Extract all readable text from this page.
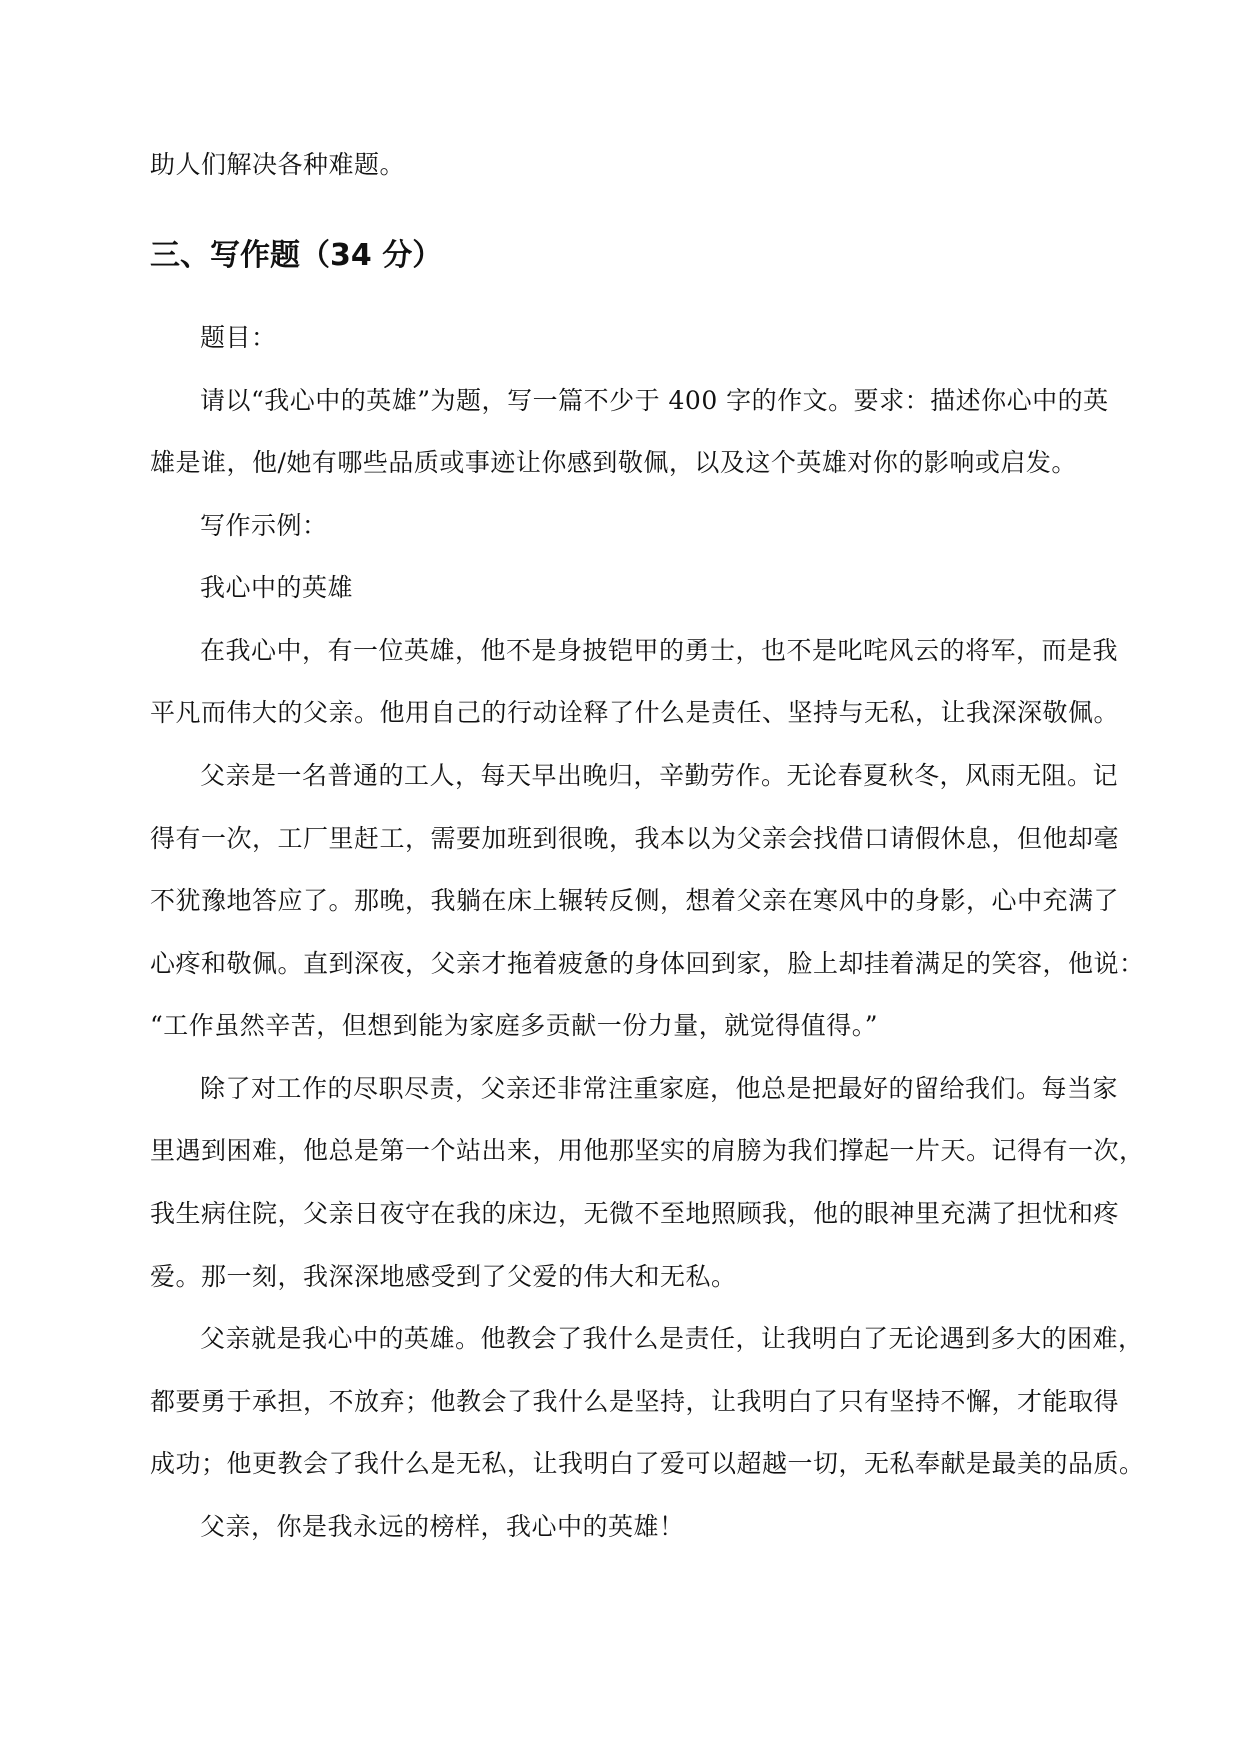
助人们解决各种难题。
三、写作题（34 分）
题目：
请以“我心中的英雄”为题，写一篇不少于 400 字的作文。要求：描述你心中的英
雄是谁，他/她有哪些品质或事迹让你感到敬佩，以及这个英雄对你的影响或启发。
写作示例：
我心中的英雄
在我心中，有一位英雄，他不是身披铠甲的勇士，也不是叱咤风云的将军，而是我
平凡而伟大的父亲。他用自己的行动诠释了什么是责任、坚持与无私，让我深深敬佩。
父亲是一名普通的工人，每天早出晚归，辛勤劳作。无论春夏秋冬，风雨无阻。记
得有一次，工厂里赶工，需要加班到很晚，我本以为父亲会找借口请假休息，但他却毫
不犹豫地答应了。那晚，我躺在床上辗转反侧，想着父亲在寒风中的身影，心中充满了
心疼和敬佩。直到深夜，父亲才拖着疲惫的身体回到家，脸上却挂着满足的笑容，他说：
“工作虽然辛苦，但想到能为家庭多贡献一份力量，就觉得值得。”
除了对工作的尽职尽责，父亲还非常注重家庭，他总是把最好的留给我们。每当家
里遇到困难，他总是第一个站出来，用他那坚实的肩膀为我们撑起一片天。记得有一次，
我生病住院，父亲日夜守在我的床边，无微不至地照顾我，他的眼神里充满了担忧和疼
爱。那一刻，我深深地感受到了父爱的伟大和无私。
父亲就是我心中的英雄。他教会了我什么是责任，让我明白了无论遇到多大的困难，
都要勇于承担，不放弃；他教会了我什么是坚持，让我明白了只有坚持不懈，才能取得
成功；他更教会了我什么是无私，让我明白了爱可以超越一切，无私奉献是最美的品质。
父亲，你是我永远的榜样，我心中的英雄！
